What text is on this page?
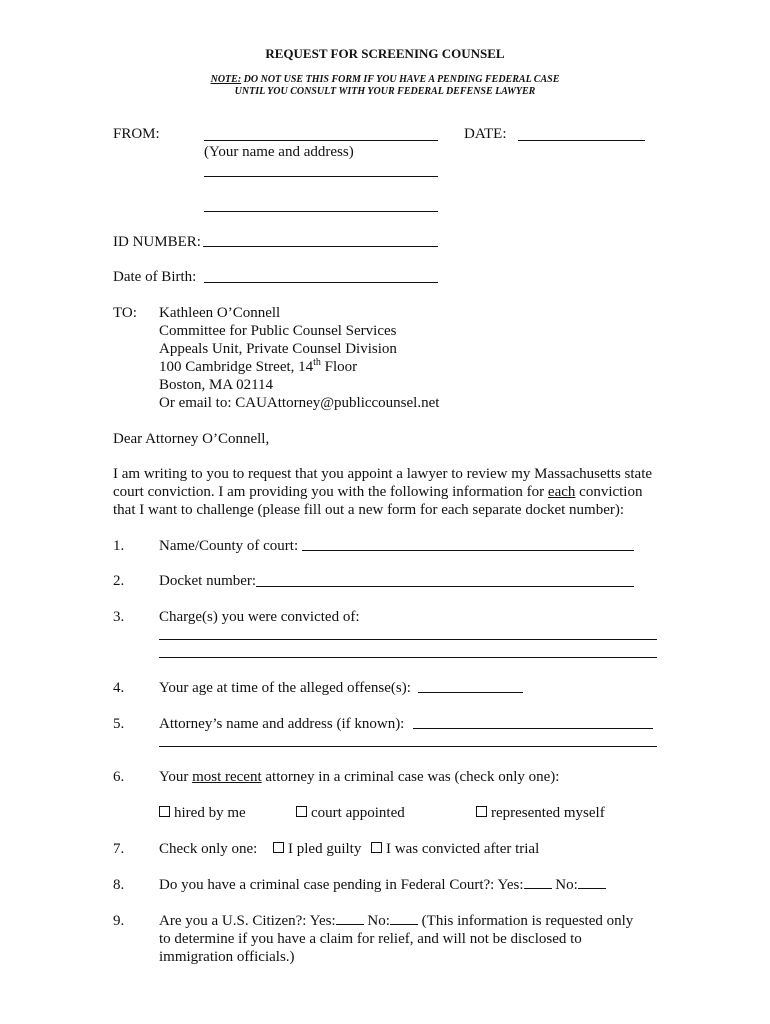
REQUEST FOR SCREENING COUNSEL
NOTE: DO NOT USE THIS FORM IF YOU HAVE A PENDING FEDERAL CASE
UNTIL YOU CONSULT WITH YOUR FEDERAL DEFENSE LAWYER
FROM:
(Your name and address)
DATE:
ID NUMBER:
Date of Birth:
TO: Kathleen O’Connell
Committee for Public Counsel Services
Appeals Unit, Private Counsel Division
100 Cambridge Street, 14th Floor
Boston, MA 02114
Or email to: CAUAttorney@publiccounsel.net
Dear Attorney O’Connell,
I am writing to you to request that you appoint a lawyer to review my Massachusetts state
court conviction. I am providing you with the following information for each conviction
that I want to challenge (please fill out a new form for each separate docket number):
1. Name/County of court:
2. Docket number:
3. Charge(s) you were convicted of:
4. Your age at time of the alleged offense(s):
5. Attorney’s name and address (if known):
6. Your most recent attorney in a criminal case was (check only one):
hired by me	court appointed	represented myself
7. Check only one:	I pled guilty	I was convicted after trial
8. Do you have a criminal case pending in Federal Court?: Yes: No:
9. Are you a U.S. Citizen?: Yes: No: (This information is requested only
to determine if you have a claim for relief, and will not be disclosed to
immigration officials.)
